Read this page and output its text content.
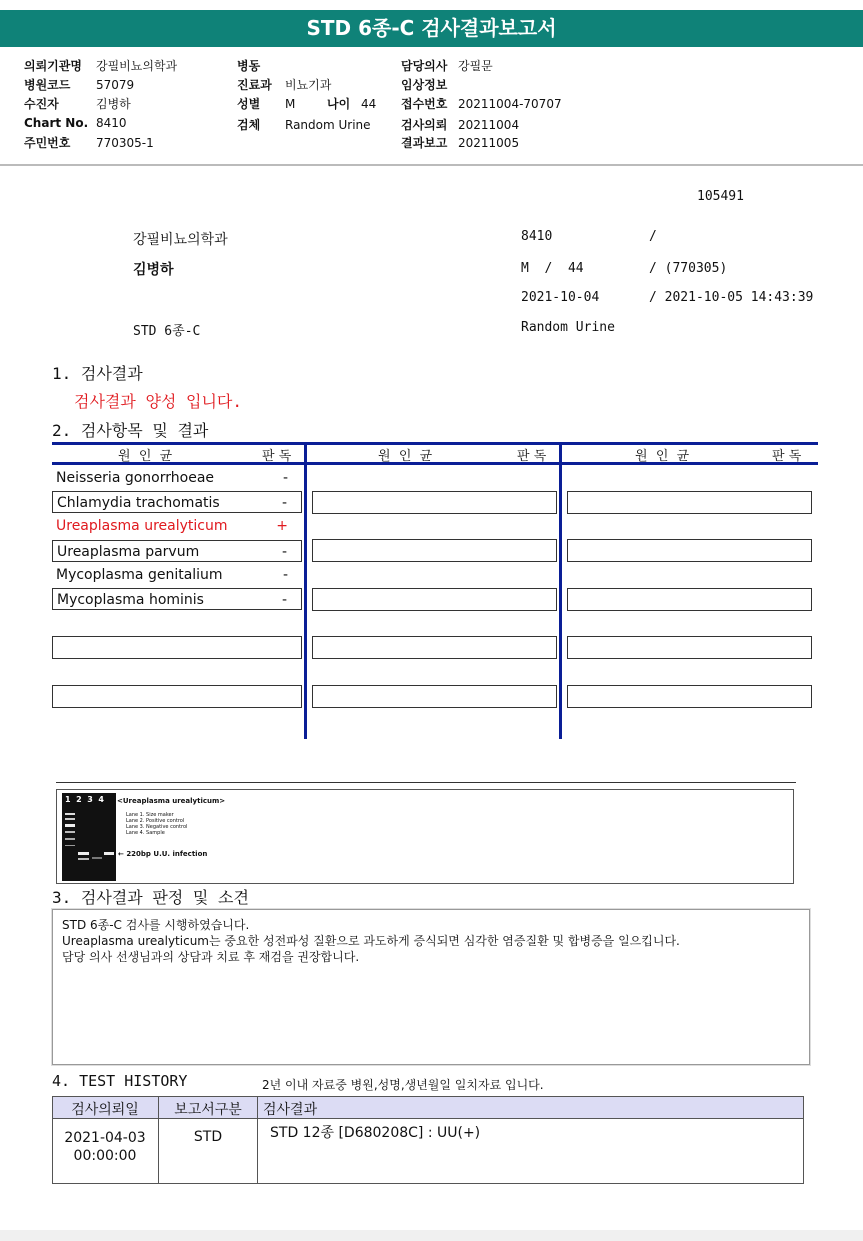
STD 6종-C 검사결과보고서
의뢰기관명 강필비뇨의학과
병원코드 57079
수진자	김병하
Chart No. 8410
주민번호 770305-1
병동
진료과 비뇨기과
성별 M	나이 44
검체 Random Urine
담당의사 강필문
임상정보
접수번호 20211004-70707
검사의뢰 20211004
결과보고 20211005
105491
강필비뇨의학과	8410	/
김병하	M  /  44	/ (770305)
2021-10-04	/ 2021-10-05 14:43:39
STD 6종-C	Random Urine
1. 검사결과
검사결과 양성 입니다.
2. 검사항목 및 결과
원  인  균	판 독	원  인  균	판 독	원  인  균	판 독
Neisseria gonorrhoeae	-
Chlamydia trachomatis	-
Ureaplasma urealyticum	+
Ureaplasma parvum	-
Mycoplasma genitalium	-
Mycoplasma hominis	-
1  2  3  4	<Ureaplasma urealyticum>
Lane 1. Size maker
Lane 2. Positive control
Lane 3. Negative control
Lane 4. Sample
← 220bp U.U. infection
3. 검사결과 판정 및 소견
STD 6종-C 검사를 시행하였습니다.
Ureaplasma urealyticum는 중요한 성전파성 질환으로 과도하게 증식되면 심각한 염증질환 및 합병증을 일으킵니다.
담당 의사 선생님과의 상담과 치료 후 재검을 권장합니다.
4. TEST HISTORY	2년 이내 자료중 병원,성명,생년월일 일치자료 입니다.
검사의뢰일	보고서구분	검사결과
2021-04-03
00:00:00
STD	STD 12종 [D680208C] : UU(+)
